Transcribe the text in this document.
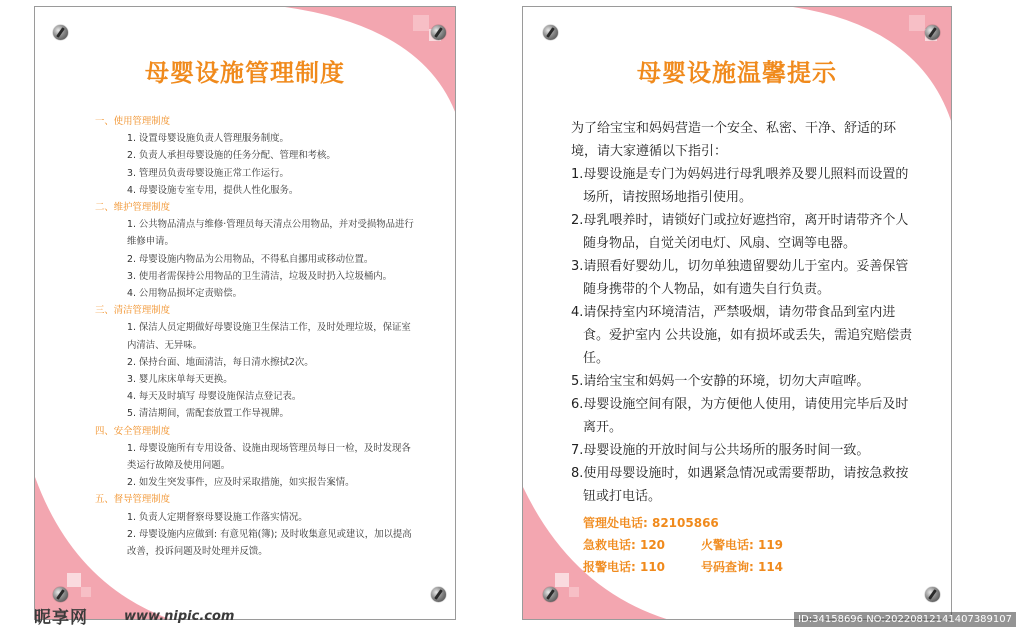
母婴设施管理制度
一、使用管理制度
1. 设置母婴设施负责人管理服务制度。
2. 负责人承担母婴设施的任务分配、管理和考核。
3. 管理员负责母婴设施正常工作运行。
4. 母婴设施专室专用，提供人性化服务。
二、维护管理制度
1. 公共物品清点与维修·管理员每天清点公用物品，并对受损物品进行维修申请。
2. 母婴设施内物品为公用物品，不得私自挪用或移动位置。
3. 使用者需保持公用物品的卫生清洁，垃圾及时扔入垃圾桶内。
4. 公用物品损坏定责赔偿。
三、清洁管理制度
1. 保洁人员定期做好母婴设施卫生保洁工作，及时处理垃圾，保证室内清洁、无异味。
2. 保持台面、地面清洁，每日清水擦拭2次。
3. 婴儿床床单每天更换。
4. 每天及时填写 母婴设施保洁点登记表。
5. 清洁期间，需配套放置工作导视牌。
四、安全管理制度
1. 母婴设施所有专用设备、设施由现场管理员每日一检，及时发现各类运行故障及使用问题。
2. 如发生突发事件，应及时采取措施，如实报告案情。
五、督导管理制度
1. 负责人定期督察母婴设施工作落实情况。
2. 母婴设施内应做到: 有意见箱(簿); 及时收集意见或建议，加以提高改善，投诉问题及时处理并反馈。
母婴设施温馨提示
为了给宝宝和妈妈营造一个安全、私密、干净、舒适的环境，请大家遵循以下指引：
1.母婴设施是专门为妈妈进行母乳喂养及婴儿照料而设置的场所，请按照场地指引使用。
2.母乳喂养时，请锁好门或拉好遮挡帘，离开时请带齐个人随身物品，自觉关闭电灯、风扇、空调等电器。
3.请照看好婴幼儿，切勿单独遗留婴幼儿于室内。妥善保管随身携带的个人物品，如有遗失自行负责。
4.请保持室内环境清洁，严禁吸烟，请勿带食品到室内进食。爱护室内 公共设施，如有损坏或丢失，需追究赔偿责任。
5.请给宝宝和妈妈一个安静的环境，切勿大声喧哗。
6.母婴设施空间有限，为方便他人使用，请使用完毕后及时离开。
7.母婴设施的开放时间与公共场所的服务时间一致。
8.使用母婴设施时，如遇紧急情况或需要帮助，请按急救按钮或打电话。
管理处电话: 82105866
急救电话: 120	火警电话: 119
报警电话: 110	号码查询: 114
昵享网	www.nipic.com	ID:34158696 NO:20220812141407389107
